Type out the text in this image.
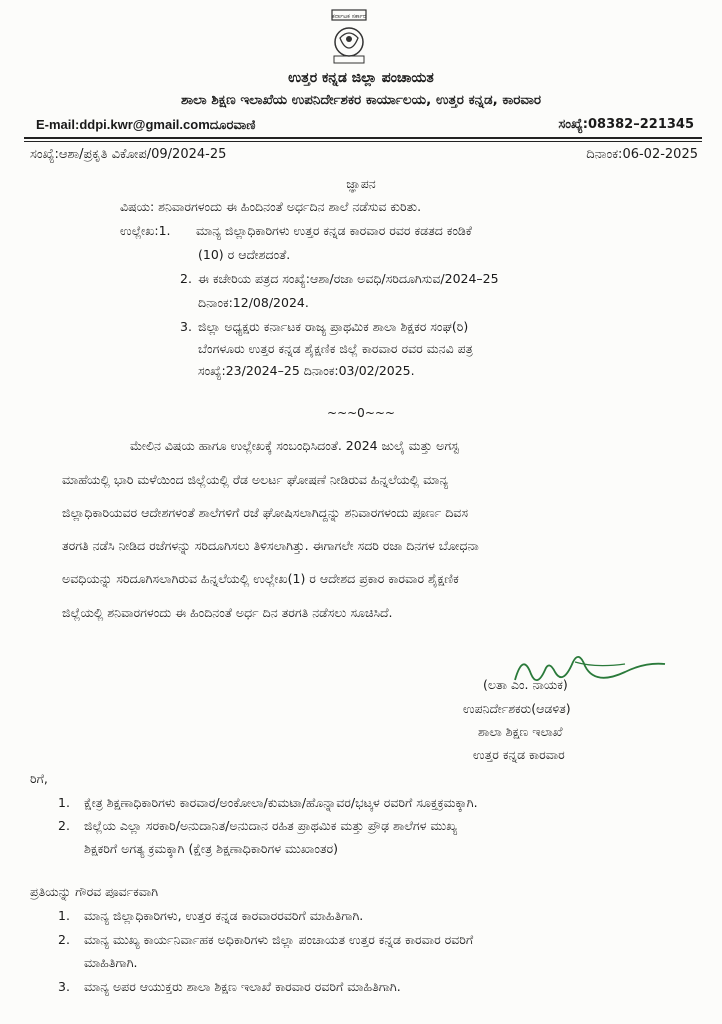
ಕರ್ನಾಟಕ ಸರ್ಕಾರ
ಉತ್ತರ ಕನ್ನಡ ಜಿಲ್ಲಾ ಪಂಚಾಯತ
ಶಾಲಾ ಶಿಕ್ಷಣ ಇಲಾಖೆಯ ಉಪನಿರ್ದೇಶಕರ ಕಾರ್ಯಾಲಯ, ಉತ್ತರ ಕನ್ನಡ, ಕಾರವಾರ
E-mail:ddpi.kwr@gmail.comದೂರವಾಣಿ	ಸಂಖ್ಯೆ:08382–221345
ಸಂಖ್ಯೆ:ಆಶಾ/ಪ್ರಕೃತಿ ವಿಕೋಪ/09/2024-25	ದಿನಾಂಕ:06-02-2025
ಜ್ಞಾಪನ
ವಿಷಯ: ಶನಿವಾರಗಳಂದು ಈ ಹಿಂದಿನಂತೆ ಅರ್ಧದಿನ ಶಾಲೆ ನಡೆಸುವ ಕುರಿತು.
ಉಲ್ಲೇಖ:1. ಮಾನ್ಯ ಜಿಲ್ಲಾಧಿಕಾರಿಗಳು ಉತ್ತರ ಕನ್ನಡ ಕಾರವಾರ ರವರ ಕಡತದ ಕಂಡಿಕೆ
(10) ರ ಆದೇಶದಂತೆ.
2. ಈ ಕಚೇರಿಯ ಪತ್ರದ ಸಂಖ್ಯೆ:ಆಶಾ/ರಜಾ ಅವಧಿ/ಸರಿದೂಗಿಸುವ/2024–25
ದಿನಾಂಕ:12/08/2024.
3. ಜಿಲ್ಲಾ ಅಧ್ಯಕ್ಷರು ಕರ್ನಾಟಕ ರಾಜ್ಯ ಪ್ರಾಥಮಿಕ ಶಾಲಾ ಶಿಕ್ಷಕರ ಸಂಘ(ರಿ)
ಬೆಂಗಳೂರು ಉತ್ತರ ಕನ್ನಡ ಶೈಕ್ಷಣಿಕ ಜಿಲ್ಲೆ ಕಾರವಾರ ರವರ ಮನವಿ ಪತ್ರ
ಸಂಖ್ಯೆ:23/2024–25 ದಿನಾಂಕ:03/02/2025.
~~~0~~~
ಮೇಲಿನ ವಿಷಯ ಹಾಗೂ ಉಲ್ಲೇಖಕ್ಕೆ ಸಂಬಂಧಿಸಿದಂತೆ. 2024 ಜುಲೈ ಮತ್ತು ಅಗಸ್ಟ
ಮಾಹೆಯಲ್ಲಿ ಭಾರಿ ಮಳೆಯಿಂದ ಜಿಲ್ಲೆಯಲ್ಲಿ ರೆಡ ಅಲರ್ಟ ಘೋಷಣೆ ನೀಡಿರುವ ಹಿನ್ನಲೆಯಲ್ಲಿ ಮಾನ್ಯ
ಜಿಲ್ಲಾಧಿಕಾರಿಯವರ ಆದೇಶಗಳಂತೆ ಶಾಲೆಗಳಿಗೆ ರಜೆ ಘೋಷಿಸಲಾಗಿದ್ದನ್ನು ಶನಿವಾರಗಳಂದು ಪೂರ್ಣ ದಿವಸ
ತರಗತಿ ನಡೆಸಿ ನೀಡಿದ ರಜೆಗಳನ್ನು ಸರಿದೂಗಿಸಲು ತಿಳಿಸಲಾಗಿತ್ತು. ಈಗಾಗಲೇ ಸದರಿ ರಜಾ ದಿನಗಳ ಬೋಧನಾ
ಅವಧಿಯನ್ನು ಸರಿದೂಗಿಸಲಾಗಿರುವ ಹಿನ್ನಲೆಯಲ್ಲಿ ಉಲ್ಲೇಖ(1) ರ ಆದೇಶದ ಪ್ರಕಾರ ಕಾರವಾರ ಶೈಕ್ಷಣಿಕ
ಜಿಲ್ಲೆಯಲ್ಲಿ ಶನಿವಾರಗಳಂದು ಈ ಹಿಂದಿನಂತೆ ಅರ್ಧ ದಿನ ತರಗತಿ ನಡೆಸಲು ಸೂಚಿಸಿದೆ.
(ಲತಾ ಎಂ. ನಾಯಕ)
ಉಪನಿರ್ದೇಶಕರು(ಆಡಳಿತ)
ಶಾಲಾ ಶಿಕ್ಷಣ ಇಲಾಖೆ
ಉತ್ತರ ಕನ್ನಡ ಕಾರವಾರ
ರಿಗೆ,
1. ಕ್ಷೇತ್ರ ಶಿಕ್ಷಣಾಧಿಕಾರಿಗಳು ಕಾರವಾರ/ಅಂಕೋಲಾ/ಕುಮಟಾ/ಹೊನ್ನಾವರ/ಭಟ್ಕಳ ರವರಿಗೆ ಸೂಕ್ತಕ್ರಮಕ್ಕಾಗಿ.
2. ಜಿಲ್ಲೆಯ ಎಲ್ಲಾ ಸರಕಾರಿ/ಅನುದಾನಿತ/ಅನುದಾನ ರಹಿತ ಪ್ರಾಥಮಿಕ ಮತ್ತು ಪ್ರೌಢ ಶಾಲೆಗಳ ಮುಖ್ಯ
ಶಿಕ್ಷಕರಿಗೆ ಅಗತ್ಯ ಕ್ರಮಕ್ಕಾಗಿ (ಕ್ಷೇತ್ರ ಶಿಕ್ಷಣಾಧಿಕಾರಿಗಳ ಮುಖಾಂತರ)
ಪ್ರತಿಯನ್ನು ಗೌರವ ಪೂರ್ವಕವಾಗಿ
1. ಮಾನ್ಯ ಜಿಲ್ಲಾಧಿಕಾರಿಗಳು, ಉತ್ತರ ಕನ್ನಡ ಕಾರವಾರರವರಿಗೆ ಮಾಹಿತಿಗಾಗಿ.
2. ಮಾನ್ಯ ಮುಖ್ಯ ಕಾರ್ಯನಿರ್ವಾಹಕ ಅಧಿಕಾರಿಗಳು ಜಿಲ್ಲಾ ಪಂಚಾಯತ ಉತ್ತರ ಕನ್ನಡ ಕಾರವಾರ ರವರಿಗೆ
ಮಾಹಿತಿಗಾಗಿ.
3. ಮಾನ್ಯ ಅಪರ ಆಯುಕ್ತರು ಶಾಲಾ ಶಿಕ್ಷಣ ಇಲಾಖೆ ಕಾರವಾರ ರವರಿಗೆ ಮಾಹಿತಿಗಾಗಿ.
